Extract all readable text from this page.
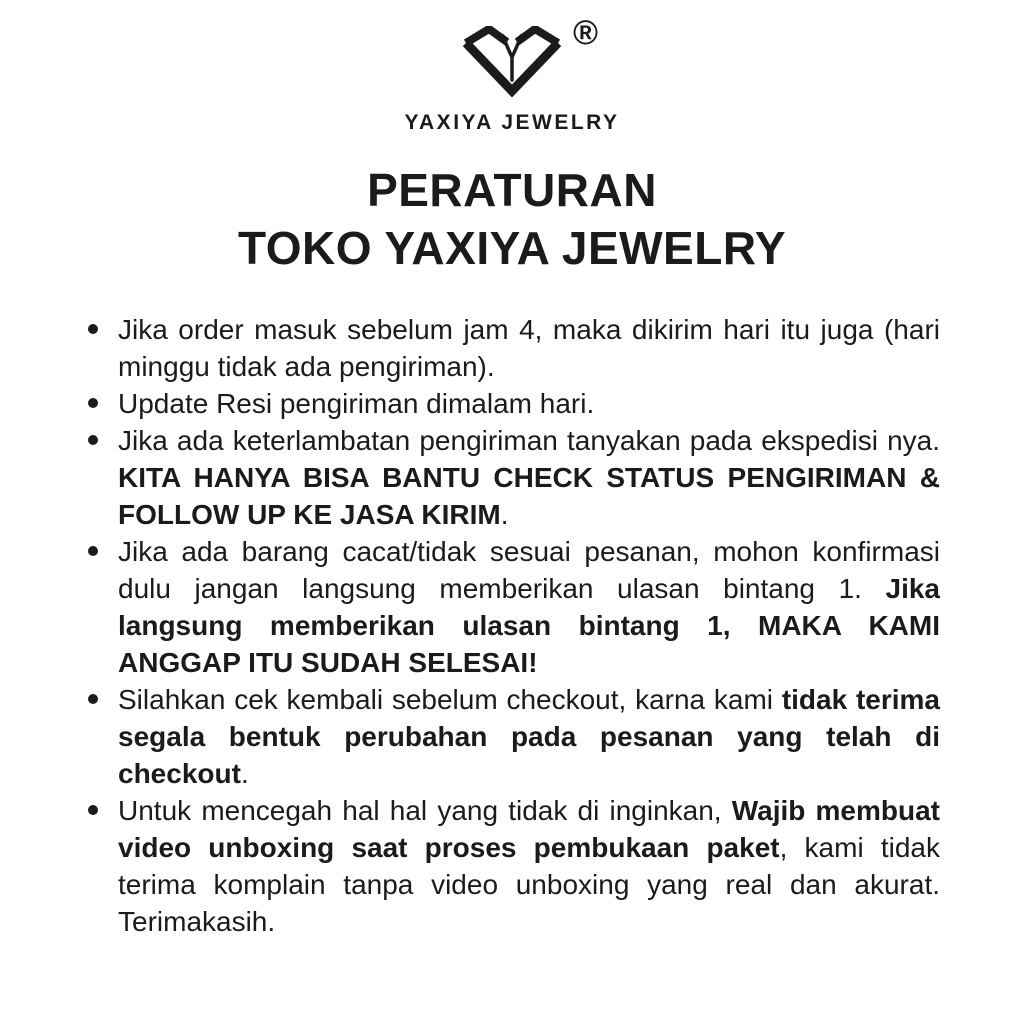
®
YAXIYA JEWELRY
PERATURAN
TOKO YAXIYA JEWELRY
Jika order masuk sebelum jam 4, maka dikirim hari itu juga (hari minggu tidak ada pengiriman).
Update Resi pengiriman dimalam hari.
Jika ada keterlambatan pengiriman tanyakan pada ekspedisi nya. KITA HANYA BISA BANTU CHECK STATUS PENGIRIMAN & FOLLOW UP KE JASA KIRIM.
Jika ada barang cacat/tidak sesuai pesanan, mohon konfirmasi dulu jangan langsung memberikan ulasan bintang 1. Jika langsung memberikan ulasan bintang 1, MAKA KAMI ANGGAP ITU SUDAH SELESAI!
Silahkan cek kembali sebelum checkout, karna kami tidak terima segala bentuk perubahan pada pesanan yang telah di checkout.
Untuk mencegah hal hal yang tidak di inginkan, Wajib membuat video unboxing saat proses pembukaan paket, kami tidak terima komplain tanpa video unboxing yang real dan akurat. Terimakasih.
